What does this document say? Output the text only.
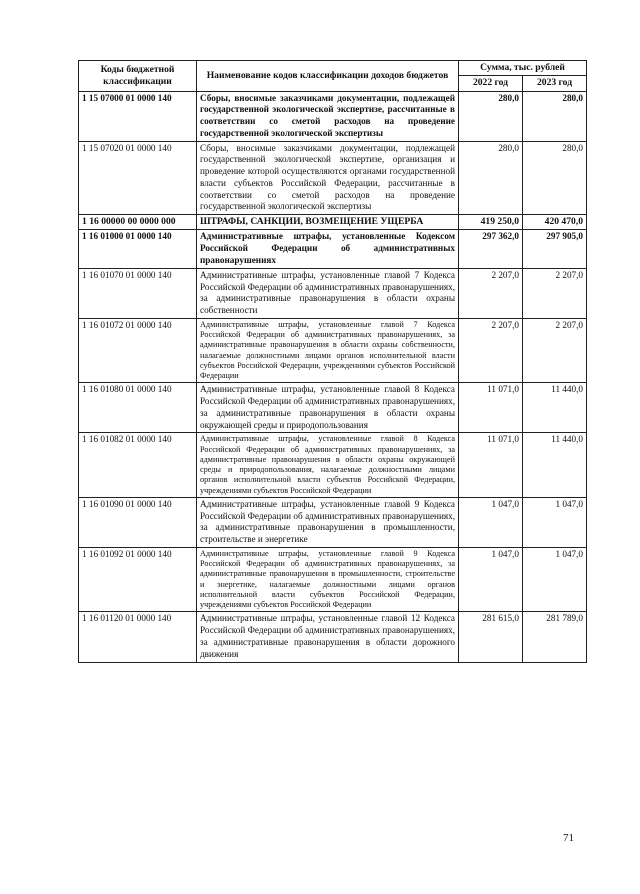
Коды бюджетной классификации	Наименование кодов классификации доходов бюджетов	Сумма, тыс. рублей	
		2022 год	2023 год
1 15 07000 01 0000 140	Сборы, вносимые заказчиками документации, подлежащей государственной экологической экспертизе, рассчитанные в соответствии со сметой расходов на проведение государственной экологической экспертизы	280,0	280,0
1 15 07020 01 0000 140	Сборы, вносимые заказчиками документации, подлежащей государственной экологической экспертизе, организация и проведение которой осуществляются органами государственной власти субъектов Российской Федерации, рассчитанные в соответствии со сметой расходов на проведение государственной экологической экспертизы	280,0	280,0
1 16 00000 00 0000 000	ШТРАФЫ, САНКЦИИ, ВОЗМЕЩЕНИЕ УЩЕРБА	419 250,0	420 470,0
1 16 01000 01 0000 140	Административные штрафы, установленные Кодексом Российской Федерации об административных правонарушениях	297 362,0	297 905,0
1 16 01070 01 0000 140	Административные штрафы, установленные главой 7 Кодекса Российской Федерации об административных правонарушениях, за административные правонарушения в области охраны собственности	2 207,0	2 207,0
1 16 01072 01 0000 140	Административные штрафы, установленные главой 7 Кодекса Российской Федерации об административных правонарушениях, за административные правонарушения в области охраны собственности, налагаемые должностными лицами органов исполнительной власти субъектов Российской Федерации, учреждениями субъектов Российской Федерации	2 207,0	2 207,0
1 16 01080 01 0000 140	Административные штрафы, установленные главой 8 Кодекса Российской Федерации об административных правонарушениях, за административные правонарушения в области охраны окружающей среды и природопользования	11 071,0	11 440,0
1 16 01082 01 0000 140	Административные штрафы, установленные главой 8 Кодекса Российской Федерации об административных правонарушениях, за административные правонарушения в области охраны окружающей среды и природопользования, налагаемые должностными лицами органов исполнительной власти субъектов Российской Федерации, учреждениями субъектов Российской Федерации	11 071,0	11 440,0
1 16 01090 01 0000 140	Административные штрафы, установленные главой 9 Кодекса Российской Федерации об административных правонарушениях, за административные правонарушения в промышленности, строительстве и энергетике	1 047,0	1 047,0
1 16 01092 01 0000 140	Административные штрафы, установленные главой 9 Кодекса Российской Федерации об административных правонарушениях, за административные правонарушения в промышленности, строительстве и энергетике, налагаемые должностными лицами органов исполнительной власти субъектов Российской Федерации, учреждениями субъектов Российской Федерации	1 047,0	1 047,0
1 16 01120 01 0000 140	Административные штрафы, установленные главой 12 Кодекса Российской Федерации об административных правонарушениях, за административные правонарушения в области дорожного движения	281 615,0	281 789,0
71
